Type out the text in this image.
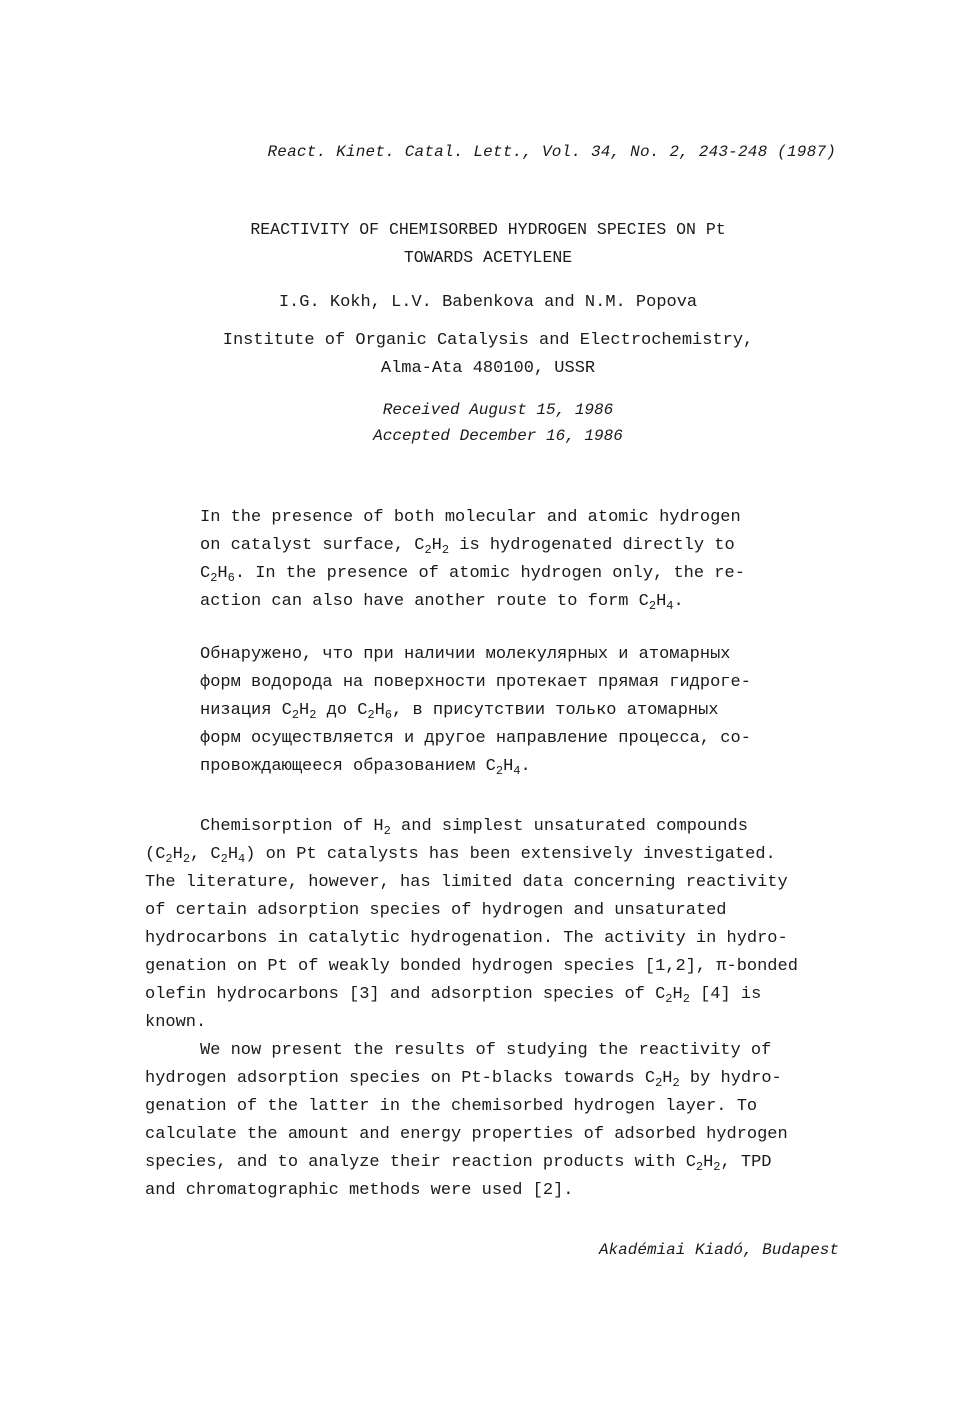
React. Kinet. Catal. Lett., Vol. 34, No. 2, 243-248 (1987)
REACTIVITY OF CHEMISORBED HYDROGEN SPECIES ON Pt
TOWARDS ACETYLENE
I.G. Kokh, L.V. Babenkova and N.M. Popova
Institute of Organic Catalysis and Electrochemistry,
Alma-Ata 480100, USSR
Received August 15, 1986
Accepted December 16, 1986
In the presence of both molecular and atomic hydrogen
on catalyst surface, $C_2H_2$ is hydrogenated directly to
$C_2H_6$. In the presence of atomic hydrogen only, the re-
action can also have another route to form $C_2H_4$.
Обнаружено, что при наличии молекулярных и атомарных
форм водорода на поверхности протекает прямая гидроге-
низация $C_2H_2$ до $C_2H_6$, в присутствии только атомарных
форм осуществляется и другое направление процесса, со-
провождающееся образованием $C_2H_4$.
Chemisorption of $H_2$ and simplest unsaturated compounds
($C_2H_2$, $C_2H_4$) on Pt catalysts has been extensively investigated.
The literature, however, has limited data concerning reactivity
of certain adsorption species of hydrogen and unsaturated
hydrocarbons in catalytic hydrogenation. The activity in hydro-
genation on Pt of weakly bonded hydrogen species [1,2], π-bonded
olefin hydrocarbons [3] and adsorption species of $C_2H_2$ [4] is
known.
We now present the results of studying the reactivity of
hydrogen adsorption species on Pt-blacks towards $C_2H_2$ by hydro-
genation of the latter in the chemisorbed hydrogen layer. To
calculate the amount and energy properties of adsorbed hydrogen
species, and to analyze their reaction products with $C_2H_2$, TPD
and chromatographic methods were used [2].
Akadémiai Kiadó, Budapest
